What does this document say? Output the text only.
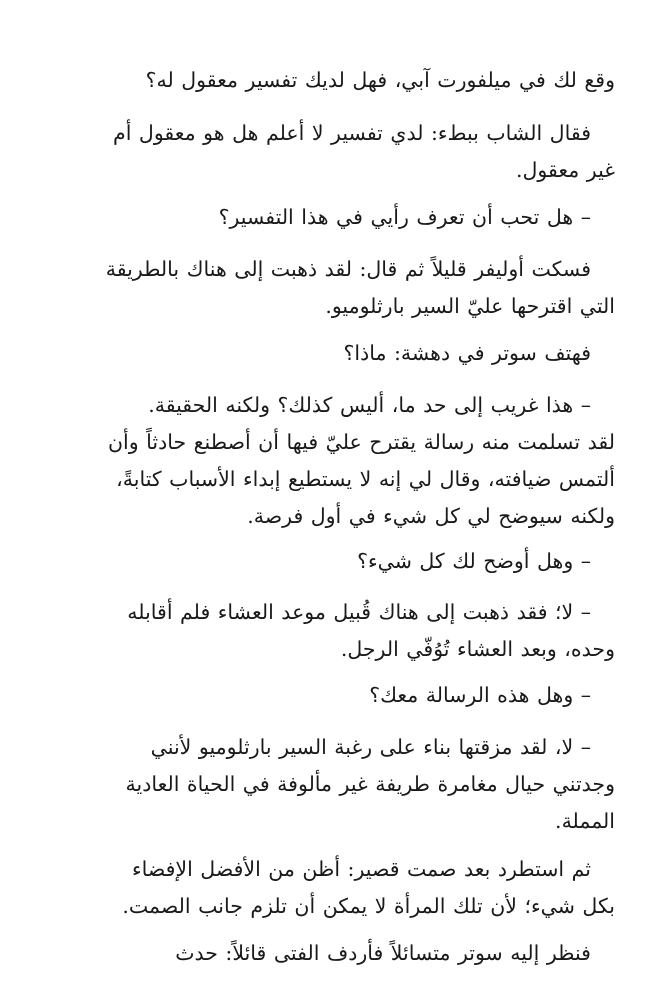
وقع لك في ميلفورت آبي، فهل لديك تفسير معقول له؟

فقال الشاب ببطء: لدي تفسير لا أعلم هل هو معقول أم
غير معقول.

– هل تحب أن تعرف رأيي في هذا التفسير؟

فسكت أوليفر قليلاً ثم قال: لقد ذهبت إلى هناك بالطريقة
التي اقترحها عليّ السير بارثلوميو.

فهتف سوتر في دهشة: ماذا؟

– هذا غريب إلى حد ما، أليس كذلك؟ ولكنه الحقيقة.
لقد تسلمت منه رسالة يقترح عليّ فيها أن أصطنع حادثاً وأن
ألتمس ضيافته، وقال لي إنه لا يستطيع إبداء الأسباب كتابةً،
ولكنه سيوضح لي كل شيء في أول فرصة.

– وهل أوضح لك كل شيء؟

– لا؛ فقد ذهبت إلى هناك قُبيل موعد العشاء فلم أقابله
وحده، وبعد العشاء تُوُفّي الرجل.

– وهل هذه الرسالة معك؟

– لا، لقد مزقتها بناء على رغبة السير بارثلوميو لأنني
وجدتني حيال مغامرة طريفة غير مألوفة في الحياة العادية
المملة.

ثم استطرد بعد صمت قصير: أظن من الأفضل الإفضاء
بكل شيء؛ لأن تلك المرأة لا يمكن أن تلزم جانب الصمت.

فنظر إليه سوتر متسائلاً فأردف الفتى قائلاً: حدث
